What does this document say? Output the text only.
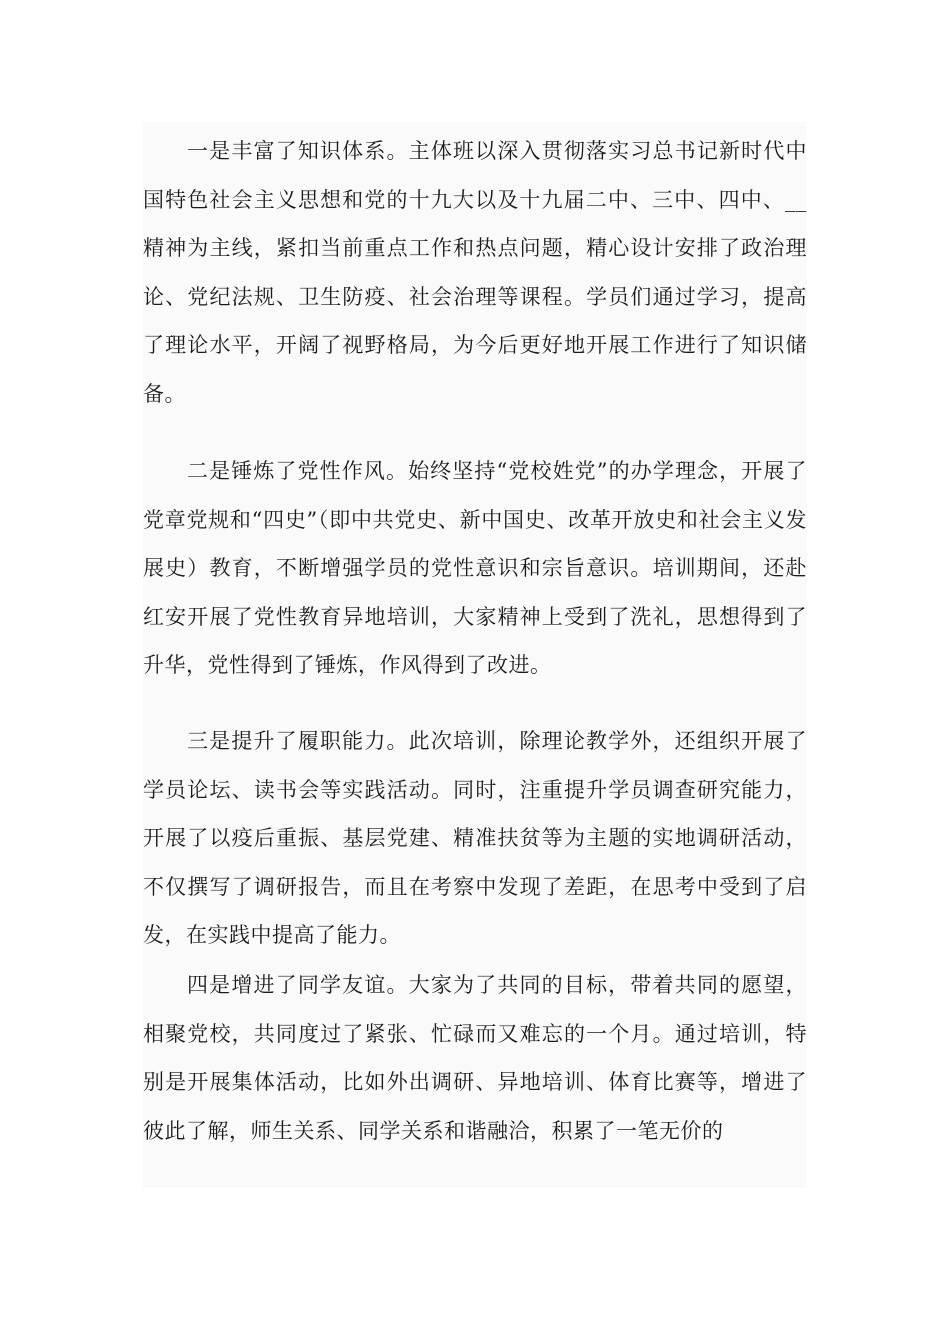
一是丰富了知识体系。主体班以深入贯彻落实习总书记新时代中国特色社会主义思想和党的十九大以及十九届二中、三中、四中、__精神为主线，紧扣当前重点工作和热点问题，精心设计安排了政治理论、党纪法规、卫生防疫、社会治理等课程。学员们通过学习，提高了理论水平，开阔了视野格局，为今后更好地开展工作进行了知识储备。

二是锤炼了党性作风。始终坚持“党校姓党”的办学理念，开展了党章党规和“四史”（即中共党史、新中国史、改革开放史和社会主义发展史）教育，不断增强学员的党性意识和宗旨意识。培训期间，还赴红安开展了党性教育异地培训，大家精神上受到了洗礼，思想得到了升华，党性得到了锤炼，作风得到了改进。

三是提升了履职能力。此次培训，除理论教学外，还组织开展了学员论坛、读书会等实践活动。同时，注重提升学员调查研究能力，开展了以疫后重振、基层党建、精准扶贫等为主题的实地调研活动，不仅撰写了调研报告，而且在考察中发现了差距，在思考中受到了启发，在实践中提高了能力。

四是增进了同学友谊。大家为了共同的目标，带着共同的愿望，相聚党校，共同度过了紧张、忙碌而又难忘的一个月。通过培训，特别是开展集体活动，比如外出调研、异地培训、体育比赛等，增进了彼此了解，师生关系、同学关系和谐融洽，积累了一笔无价的
